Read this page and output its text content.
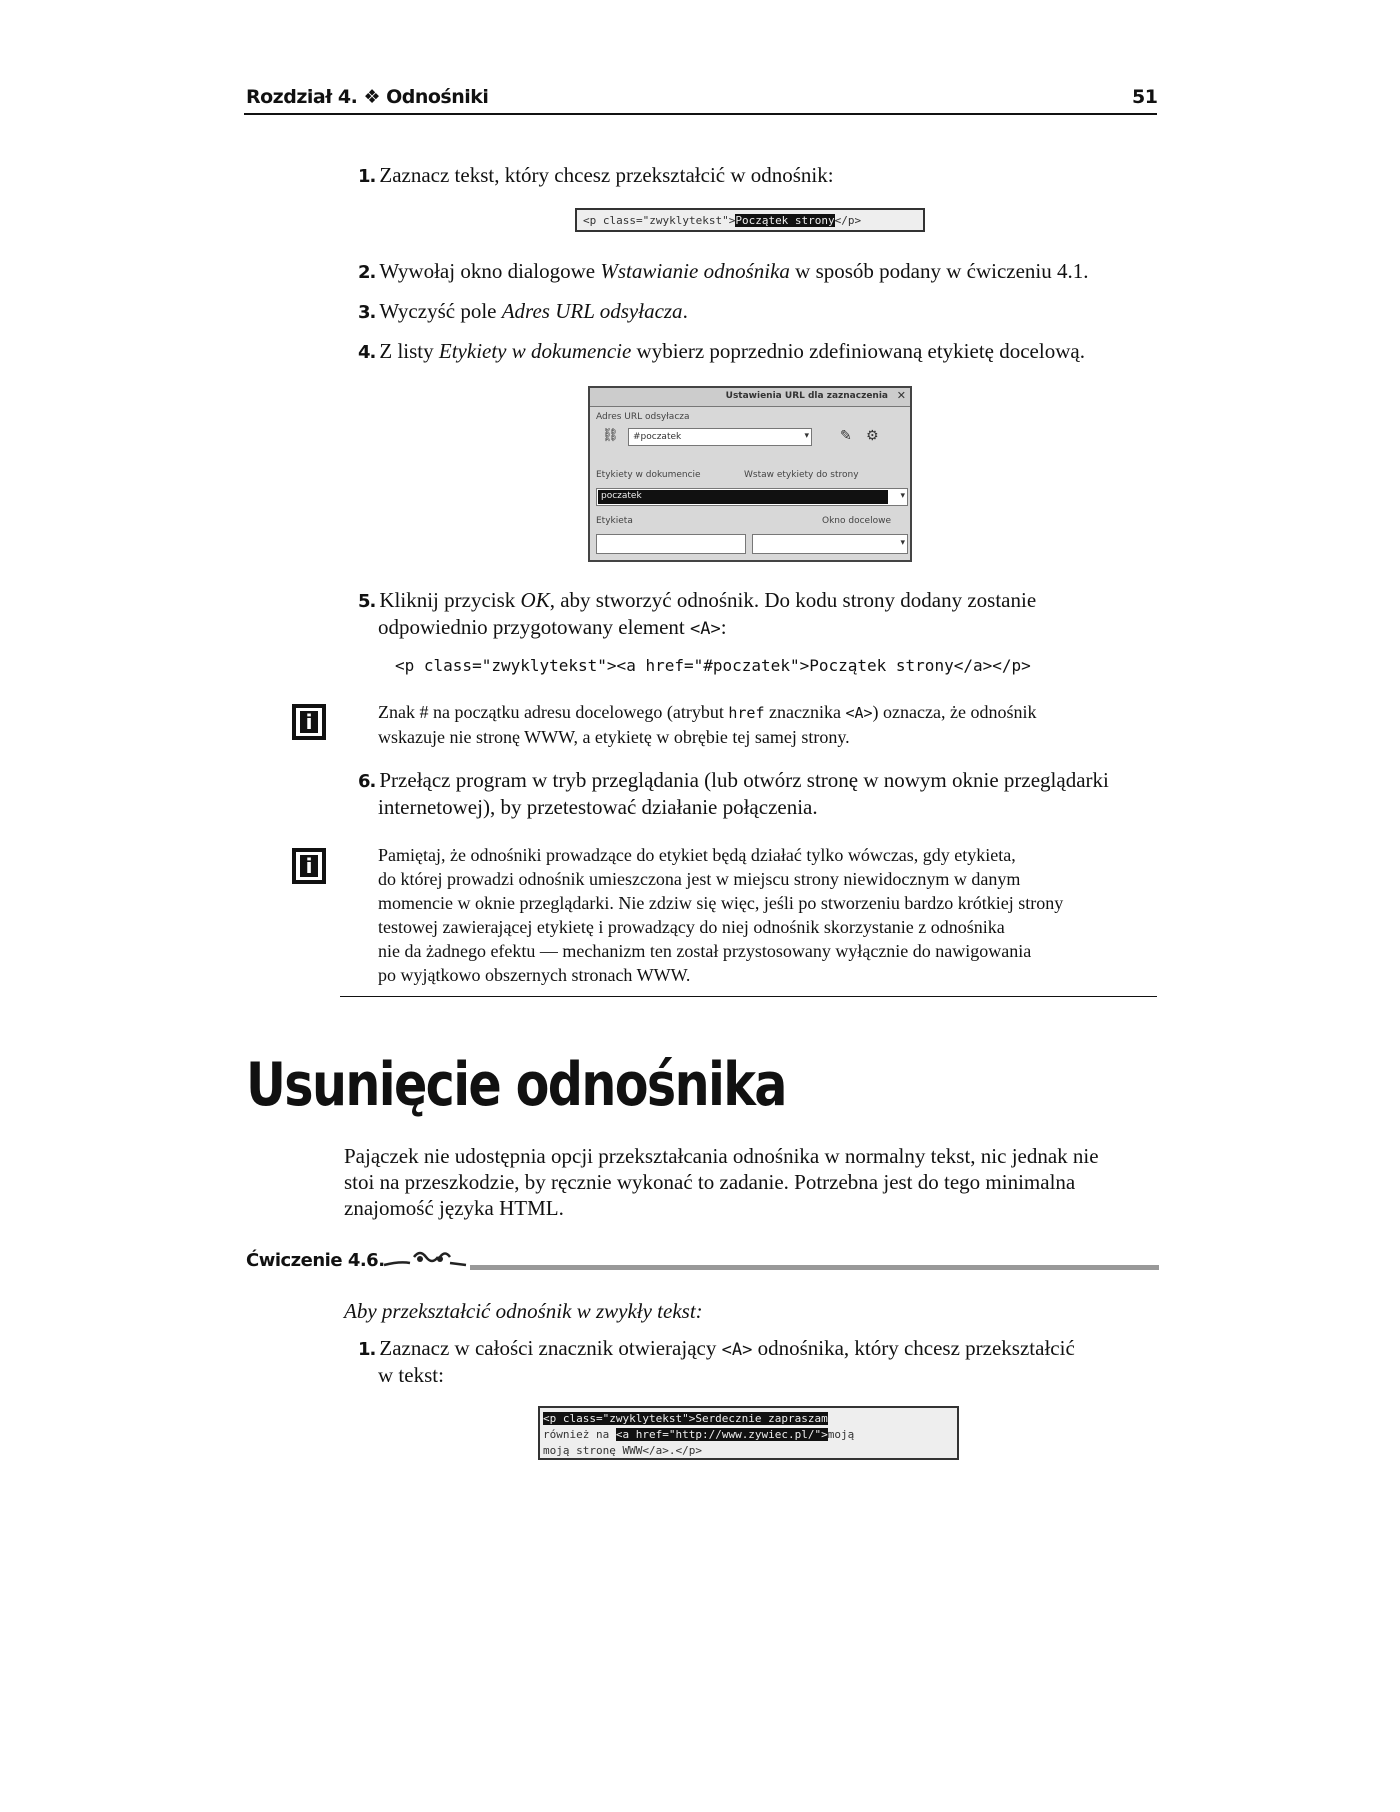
Rozdział 4. ❖ Odnośniki	51
1. Zaznacz tekst, który chcesz przekształcić w odnośnik:
<p class="zwyklytekst">Początek strony</p>
2. Wywołaj okno dialogowe Wstawianie odnośnika w sposób podany w ćwiczeniu 4.1.
3. Wyczyść pole Adres URL odsyłacza.
4. Z listy Etykiety w dokumencie wybierz poprzednio zdefiniowaną etykietę docelową.
Ustawienia URL dla zaznaczenia ✕
Adres URL odsyłacza
⛓ #poczatek	▾ ✎ ⚙
Etykiety w dokumencie	Wstaw etykiety do strony
poczatek	▾
Etykieta	Okno docelowe
▾
5. Kliknij przycisk OK, aby stworzyć odnośnik. Do kodu strony dodany zostanie
odpowiednio przygotowany element <A>:
<p class="zwyklytekst"><a href="#poczatek">Początek strony</a></p>
i	Znak # na początku adresu docelowego (atrybut href znacznika <A>) oznacza, że odnośnik
wskazuje nie stronę WWW, a etykietę w obrębie tej samej strony.
6. Przełącz program w tryb przeglądania (lub otwórz stronę w nowym oknie przeglądarki
internetowej), by przetestować działanie połączenia.
i	Pamiętaj, że odnośniki prowadzące do etykiet będą działać tylko wówczas, gdy etykieta,
do której prowadzi odnośnik umieszczona jest w miejscu strony niewidocznym w danym
momencie w oknie przeglądarki. Nie zdziw się więc, jeśli po stworzeniu bardzo krótkiej strony
testowej zawierającej etykietę i prowadzący do niej odnośnik skorzystanie z odnośnika
nie da żadnego efektu — mechanizm ten został przystosowany wyłącznie do nawigowania
po wyjątkowo obszernych stronach WWW.
Usunięcie odnośnika
Pajączek nie udostępnia opcji przekształcania odnośnika w normalny tekst, nic jednak nie
stoi na przeszkodzie, by ręcznie wykonać to zadanie. Potrzebna jest do tego minimalna
znajomość języka HTML.
Ćwiczenie 4.6.
Aby przekształcić odnośnik w zwykły tekst:
1. Zaznacz w całości znacznik otwierający <A> odnośnika, który chcesz przekształcić
w tekst:
<p class="zwyklytekst">Serdecznie zapraszam
również na <a href="http://www.zywiec.pl/">moją
moją stronę WWW</a>.</p>
